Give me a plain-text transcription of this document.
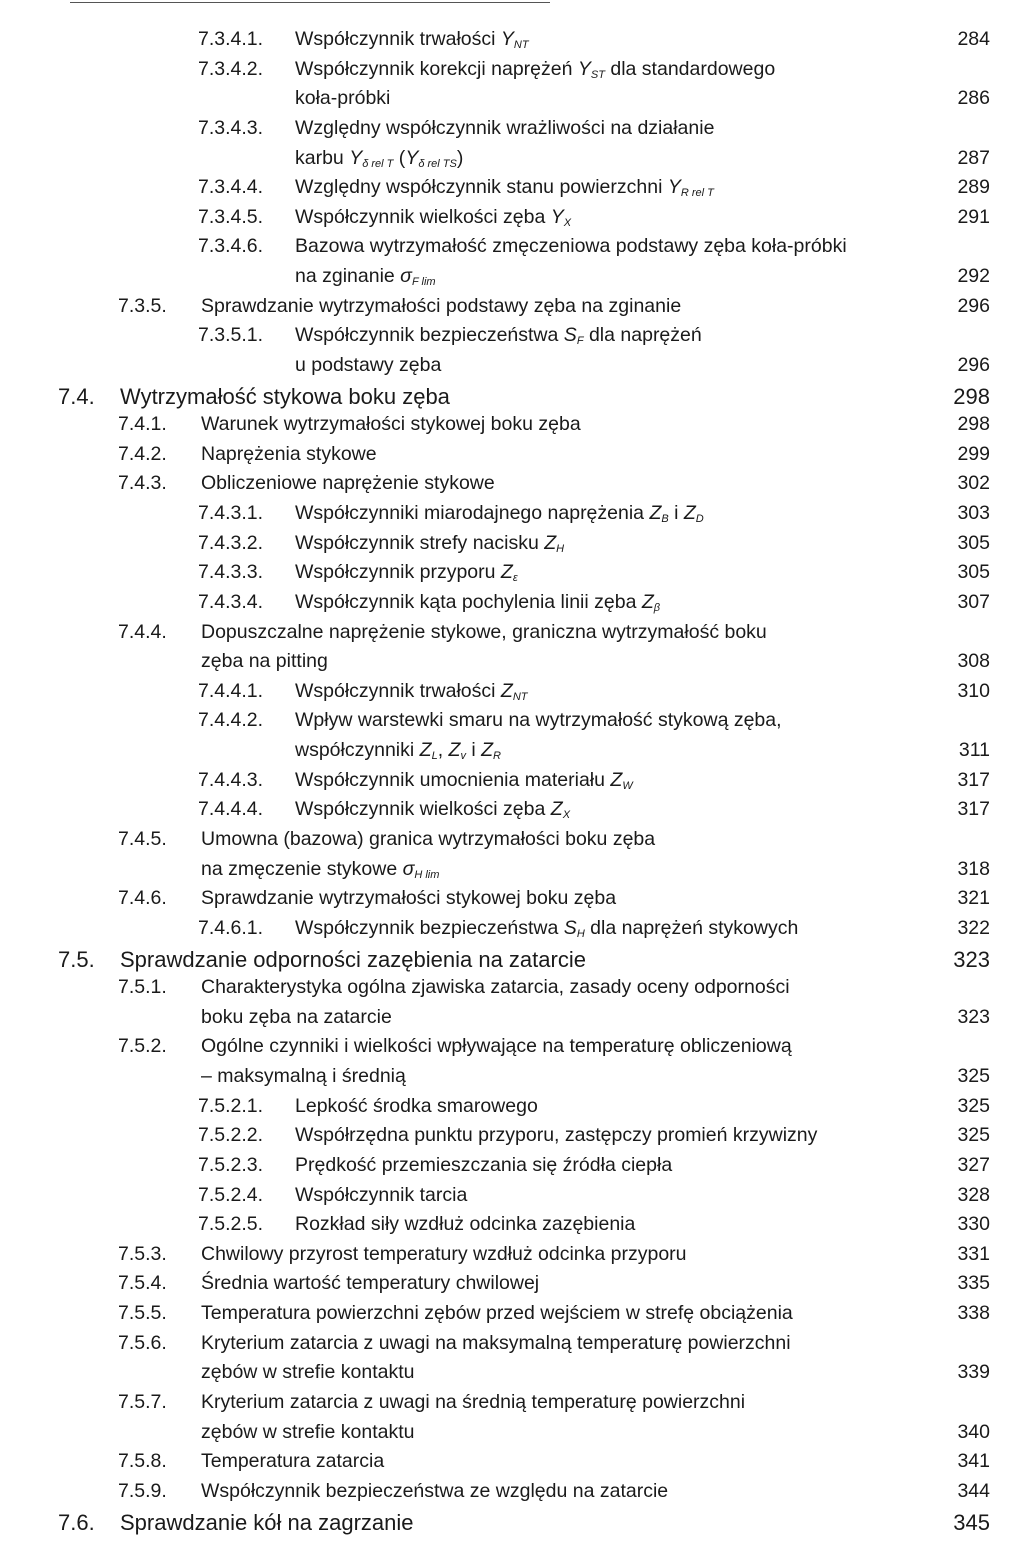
7.3.4.1. Współczynnik trwałości $Y_{NT}$	284
7.3.4.2. Współczynnik korekcji naprężeń $Y_{ST}$ dla standardowego
koła-próbki	286
7.3.4.3. Względny współczynnik wrażliwości na działanie
karbu $Y_{\delta rel T}$ $(Y_{\delta rel TS})$	287
7.3.4.4. Względny współczynnik stanu powierzchni $Y_{R rel T}$	289
7.3.4.5. Współczynnik wielkości zęba $Y_X$	291
7.3.4.6. Bazowa wytrzymałość zmęczeniowa podstawy zęba koła-próbki
na zginanie $\sigma_{F lim}$	292
7.3.5. Sprawdzanie wytrzymałości podstawy zęba na zginanie	296
7.3.5.1. Współczynnik bezpieczeństwa $S_F$ dla naprężeń
u podstawy zęba	296
7.4. Wytrzymałość stykowa boku zęba	298
7.4.1. Warunek wytrzymałości stykowej boku zęba	298
7.4.2. Naprężenia stykowe	299
7.4.3. Obliczeniowe naprężenie stykowe	302
7.4.3.1. Współczynniki miarodajnego naprężenia $Z_B$ i $Z_D$	303
7.4.3.2. Współczynnik strefy nacisku $Z_H$	305
7.4.3.3. Współczynnik przyporu $Z_\varepsilon$	305
7.4.3.4. Współczynnik kąta pochylenia linii zęba $Z_\beta$	307
7.4.4. Dopuszczalne naprężenie stykowe, graniczna wytrzymałość boku
zęba na pitting	308
7.4.4.1. Współczynnik trwałości $Z_{NT}$	310
7.4.4.2. Wpływ warstewki smaru na wytrzymałość stykową zęba,
współczynniki $Z_L$, $Z_v$ i $Z_R$	311
7.4.4.3. Współczynnik umocnienia materiału $Z_W$	317
7.4.4.4. Współczynnik wielkości zęba $Z_X$	317
7.4.5. Umowna (bazowa) granica wytrzymałości boku zęba
na zmęczenie stykowe $\sigma_{H lim}$	318
7.4.6. Sprawdzanie wytrzymałości stykowej boku zęba	321
7.4.6.1. Współczynnik bezpieczeństwa $S_H$ dla naprężeń stykowych	322
7.5. Sprawdzanie odporności zazębienia na zatarcie	323
7.5.1. Charakterystyka ogólna zjawiska zatarcia, zasady oceny odporności
boku zęba na zatarcie	323
7.5.2. Ogólne czynniki i wielkości wpływające na temperaturę obliczeniową
– maksymalną i średnią	325
7.5.2.1. Lepkość środka smarowego	325
7.5.2.2. Współrzędna punktu przyporu, zastępczy promień krzywizny	325
7.5.2.3. Prędkość przemieszczania się źródła ciepła	327
7.5.2.4. Współczynnik tarcia	328
7.5.2.5. Rozkład siły wzdłuż odcinka zazębienia	330
7.5.3. Chwilowy przyrost temperatury wzdłuż odcinka przyporu	331
7.5.4. Średnia wartość temperatury chwilowej	335
7.5.5. Temperatura powierzchni zębów przed wejściem w strefę obciążenia	338
7.5.6. Kryterium zatarcia z uwagi na maksymalną temperaturę powierzchni
zębów w strefie kontaktu	339
7.5.7. Kryterium zatarcia z uwagi na średnią temperaturę powierzchni
zębów w strefie kontaktu	340
7.5.8. Temperatura zatarcia	341
7.5.9. Współczynnik bezpieczeństwa ze względu na zatarcie	344
7.6. Sprawdzanie kół na zagrzanie	345
